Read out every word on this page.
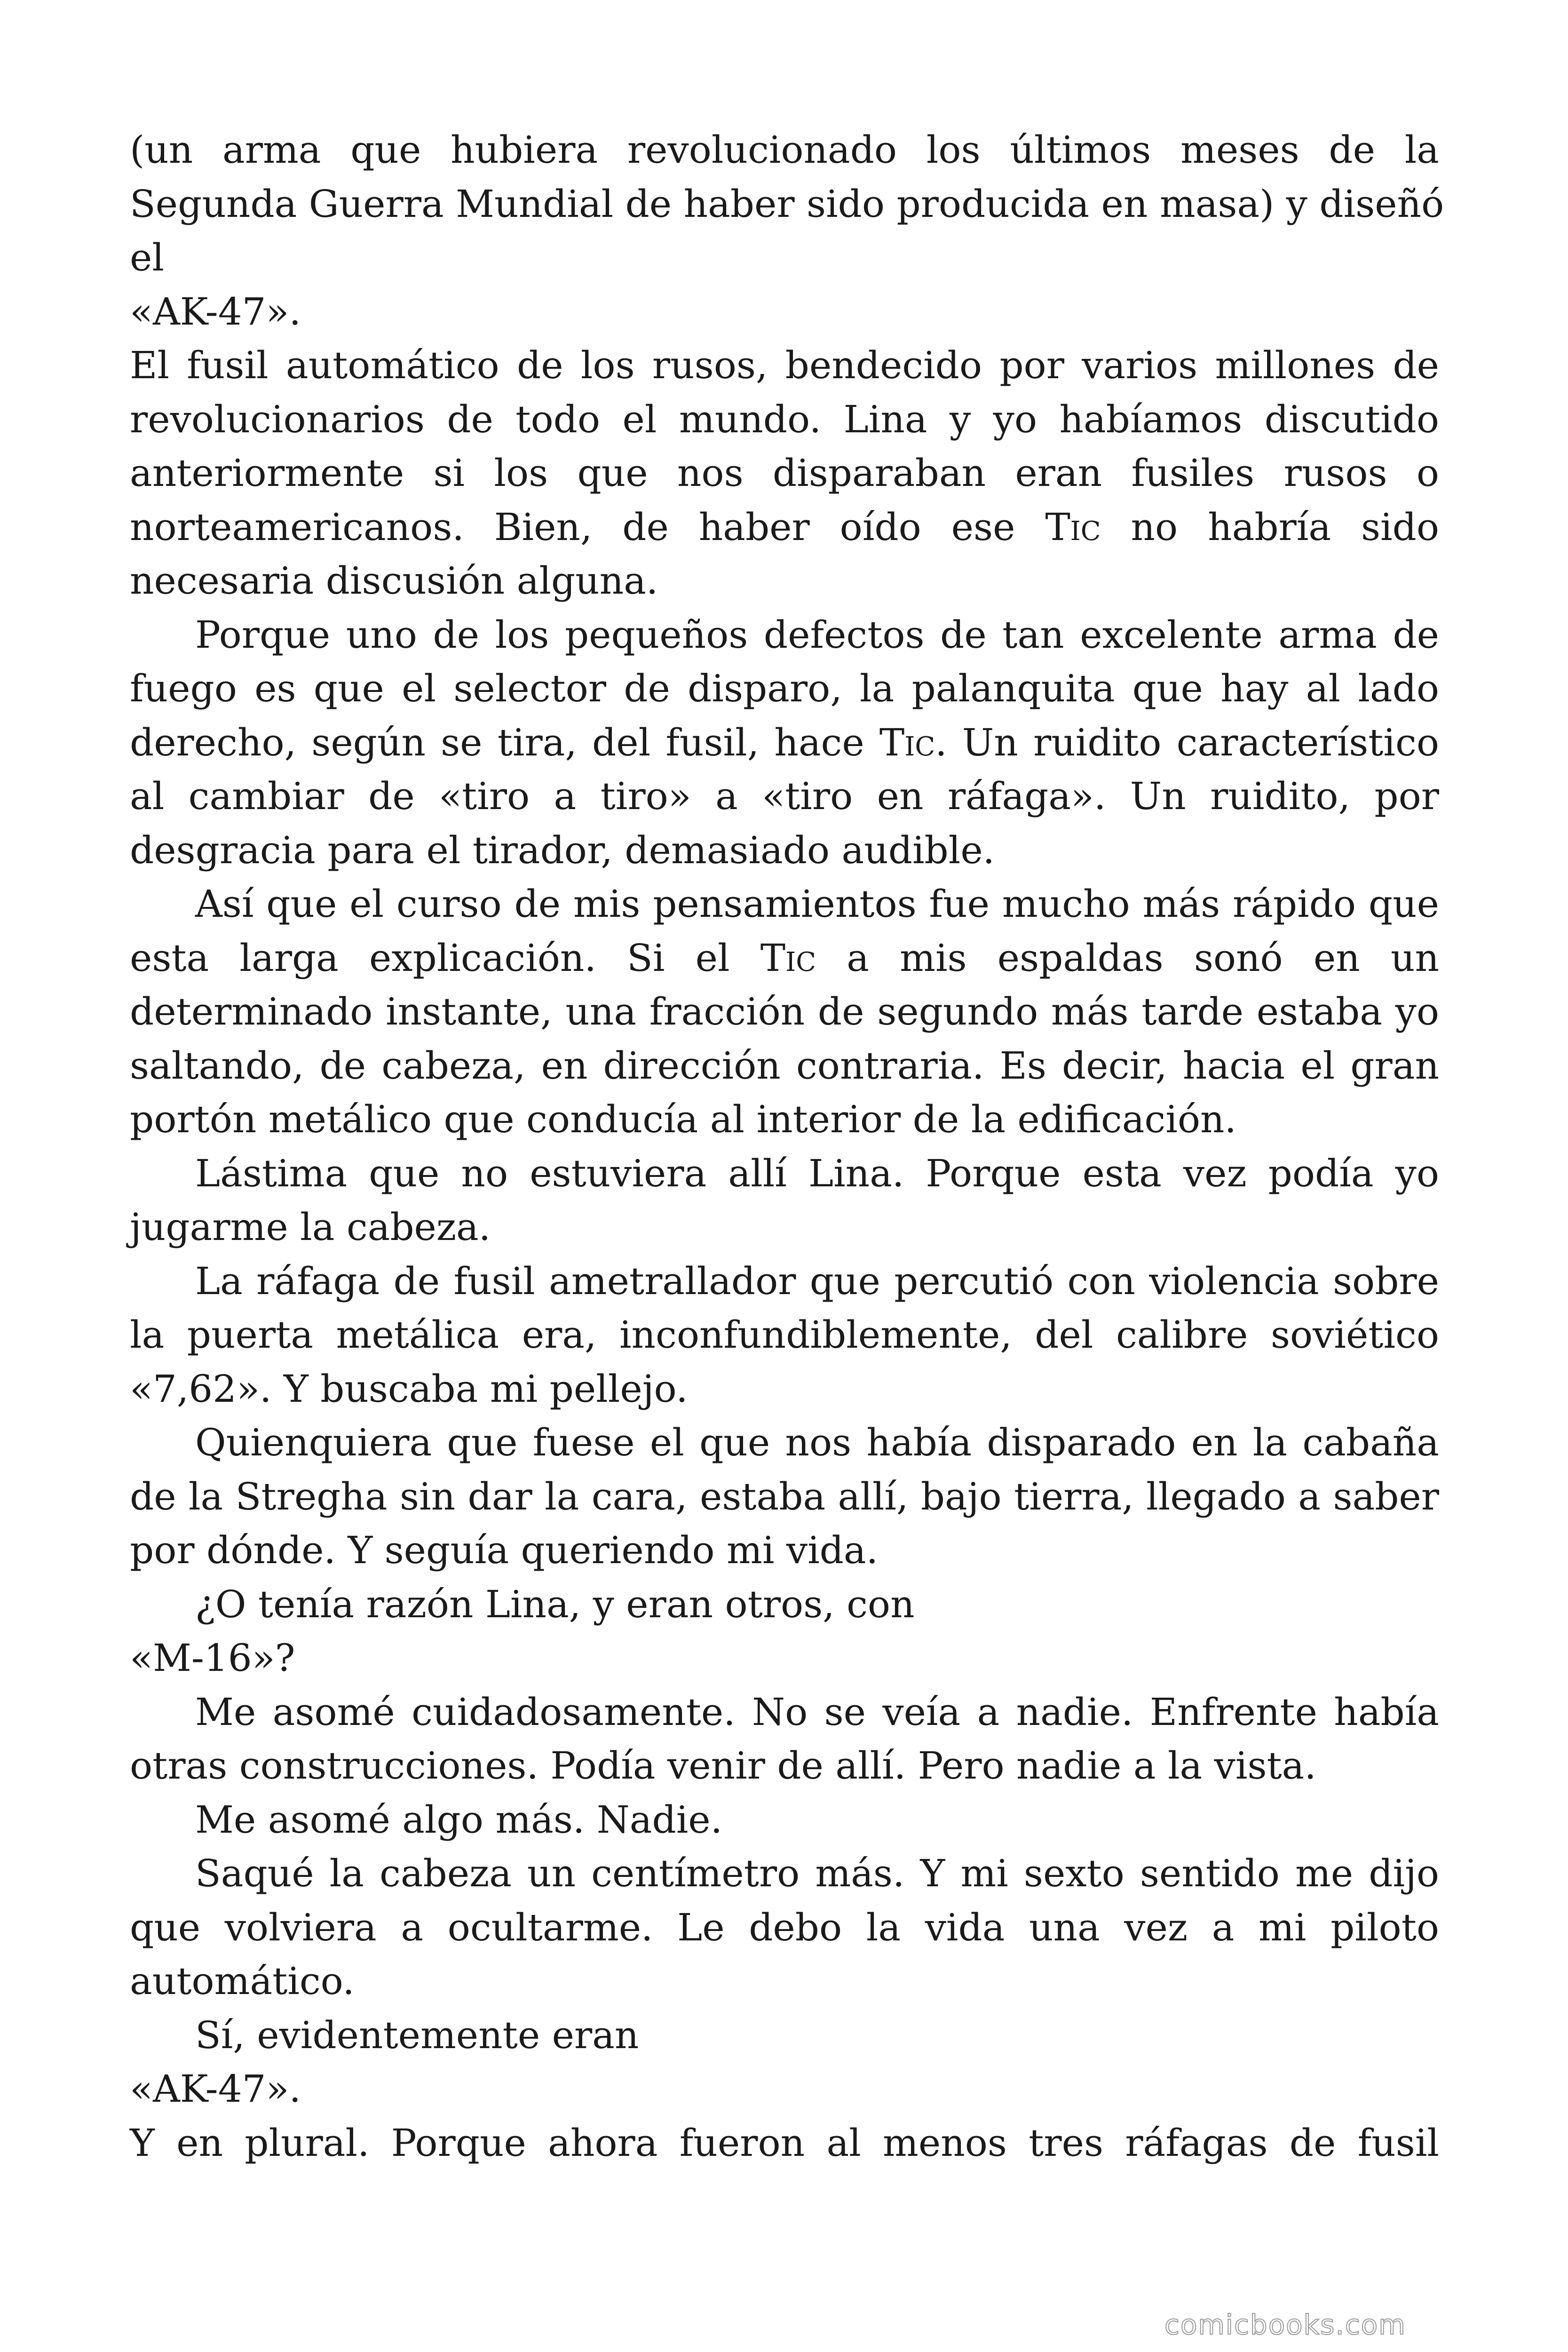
(un arma que hubiera revolucionado los últimos meses de la
Segunda Guerra Mundial de haber sido producida en masa) y diseñó
el
«AK-47».
El fusil automático de los rusos, bendecido por varios millones de
revolucionarios de todo el mundo. Lina y yo habíamos discutido
anteriormente si los que nos disparaban eran fusiles rusos o
norteamericanos. Bien, de haber oído ese Tic no habría sido
necesaria discusión alguna.
Porque uno de los pequeños defectos de tan excelente arma de
fuego es que el selector de disparo, la palanquita que hay al lado
derecho, según se tira, del fusil, hace Tic. Un ruidito característico
al cambiar de «tiro a tiro» a «tiro en ráfaga». Un ruidito, por
desgracia para el tirador, demasiado audible.
Así que el curso de mis pensamientos fue mucho más rápido que
esta larga explicación. Si el Tic a mis espaldas sonó en un
determinado instante, una fracción de segundo más tarde estaba yo
saltando, de cabeza, en dirección contraria. Es decir, hacia el gran
portón metálico que conducía al interior de la edificación.
Lástima que no estuviera allí Lina. Porque esta vez podía yo
jugarme la cabeza.
La ráfaga de fusil ametrallador que percutió con violencia sobre
la puerta metálica era, inconfundiblemente, del calibre soviético
«7,62». Y buscaba mi pellejo.
Quienquiera que fuese el que nos había disparado en la cabaña
de la Stregha sin dar la cara, estaba allí, bajo tierra, llegado a saber
por dónde. Y seguía queriendo mi vida.
¿O tenía razón Lina, y eran otros, con
«M-16»?
Me asomé cuidadosamente. No se veía a nadie. Enfrente había
otras construcciones. Podía venir de allí. Pero nadie a la vista.
Me asomé algo más. Nadie.
Saqué la cabeza un centímetro más. Y mi sexto sentido me dijo
que volviera a ocultarme. Le debo la vida una vez a mi piloto
automático.
Sí, evidentemente eran
«AK-47».
Y en plural. Porque ahora fueron al menos tres ráfagas de fusil
comicbooks.com
